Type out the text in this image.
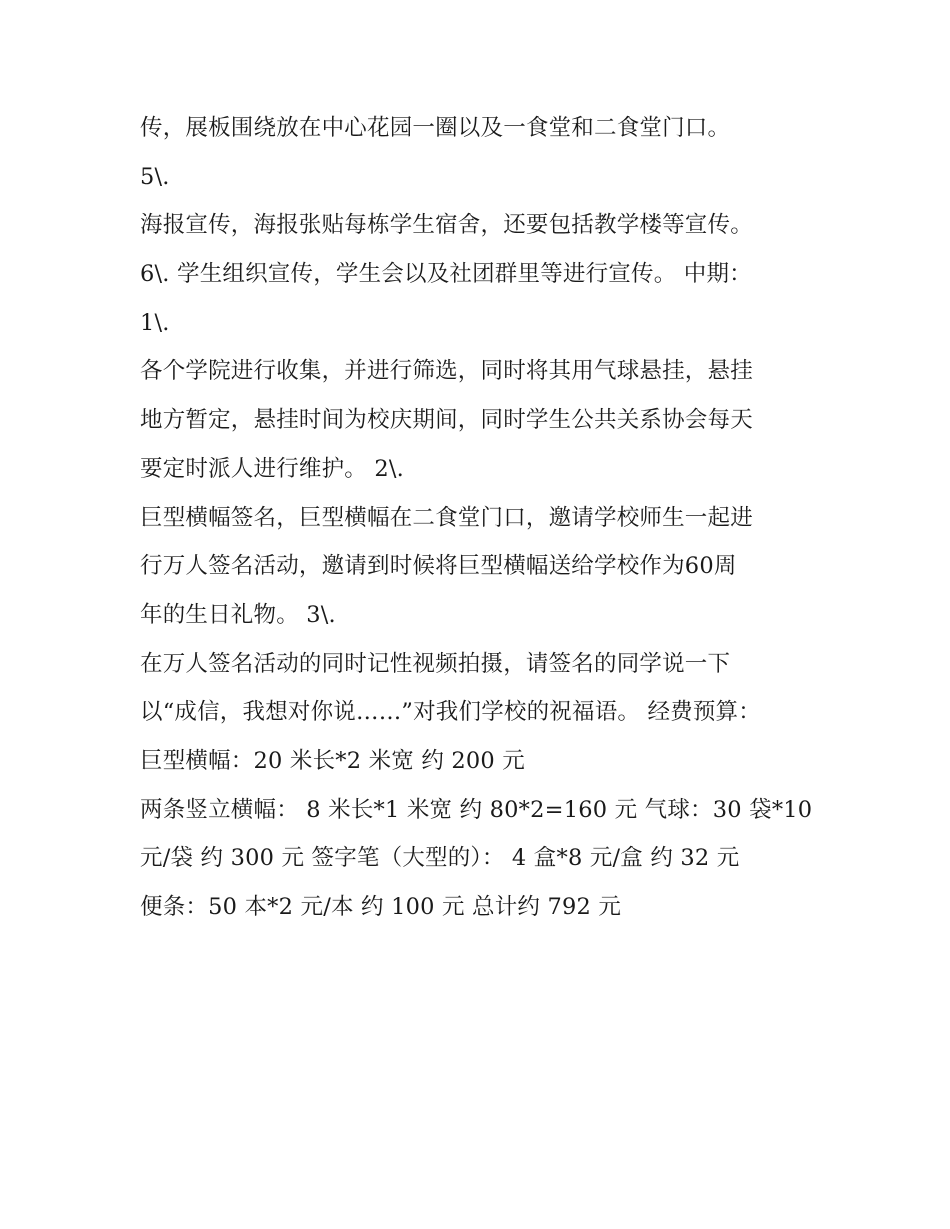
传，展板围绕放在中心花园一圈以及一食堂和二食堂门口。
5\.
海报宣传，海报张贴每栋学生宿舍，还要包括教学楼等宣传。
6\. 学生组织宣传，学生会以及社团群里等进行宣传。 中期：
1\.
各个学院进行收集，并进行筛选，同时将其用气球悬挂，悬挂
地方暂定，悬挂时间为校庆期间，同时学生公共关系协会每天
要定时派人进行维护。 2\.
巨型横幅签名，巨型横幅在二食堂门口，邀请学校师生一起进
行万人签名活动，邀请到时候将巨型横幅送给学校作为60周
年的生日礼物。 3\.
在万人签名活动的同时记性视频拍摄，请签名的同学说一下
以“成信，我想对你说……”对我们学校的祝福语。 经费预算：
巨型横幅：20 米长*2 米宽 约 200 元
两条竖立横幅： 8 米长*1 米宽 约 80*2=160 元 气球：30 袋*10
元/袋 约 300 元 签字笔（大型的）： 4 盒*8 元/盒 约 32 元
便条：50 本*2 元/本 约 100 元 总计约 792 元
